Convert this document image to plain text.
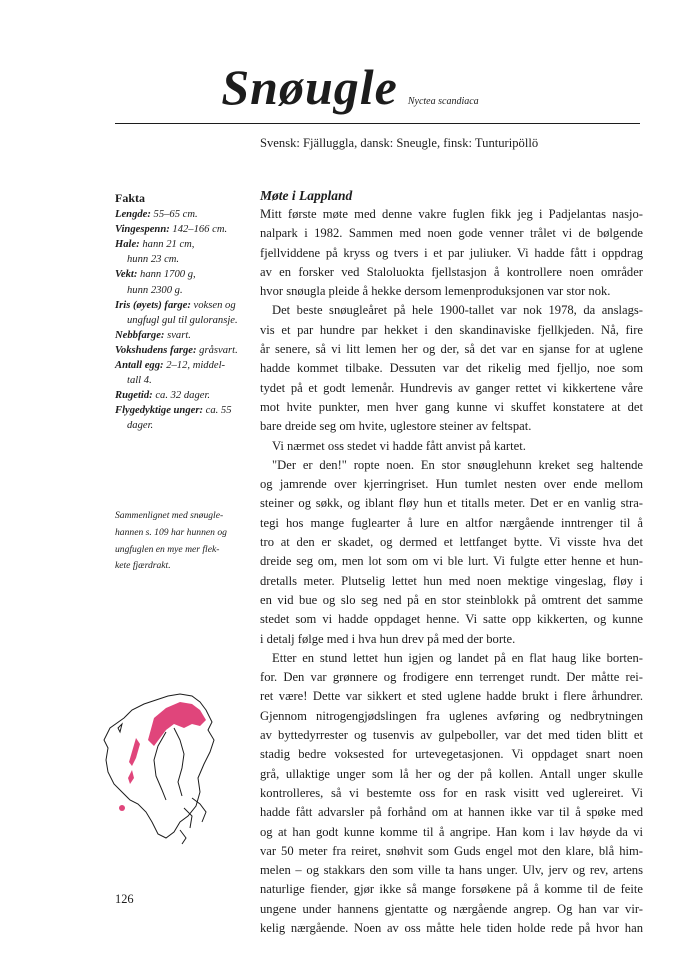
Snøugle Nyctea scandiaca
Svensk: Fjälluggla, dansk: Sneugle, finsk: Tunturipöllö
Fakta
Lengde: 55–65 cm.
Vingespenn: 142–166 cm.
Hale: hann 21 cm,
hunn 23 cm.
Vekt: hann 1700 g,
hunn 2300 g.
Iris (øyets) farge: voksen og
ungfugl gul til guloransje.
Nebbfarge: svart.
Vokshudens farge: gråsvart.
Antall egg: 2–12, middel-
tall 4.
Rugetid: ca. 32 dager.
Flygedyktige unger: ca. 55
dager.
Sammenlignet med snøugle-
hannen s. 109 har hunnen og
ungfuglen en mye mer flek-
kete fjærdrakt.
126
Møte i Lappland
Mitt første møte med denne vakre fuglen fikk jeg i Padjelantas nasjo-
nalpark i 1982. Sammen med noen gode venner trålet vi de bølgende
fjellviddene på kryss og tvers i et par juliuker. Vi hadde fått i oppdrag
av en forsker ved Staloluokta fjellstasjon å kontrollere noen områder
hvor snøugla pleide å hekke dersom lemenproduksjonen var stor nok.
Det beste snøugleåret på hele 1900-tallet var nok 1978, da anslags-
vis et par hundre par hekket i den skandinaviske fjellkjeden. Nå, fire
år senere, så vi litt lemen her og der, så det var en sjanse for at uglene
hadde kommet tilbake. Dessuten var det rikelig med fjelljo, noe som
tydet på et godt lemenår. Hundrevis av ganger rettet vi kikkertene våre
mot hvite punkter, men hver gang kunne vi skuffet konstatere at det
bare dreide seg om hvite, uglestore steiner av feltspat.
Vi nærmet oss stedet vi hadde fått anvist på kartet.
"Der er den!" ropte noen. En stor snøuglehunn kreket seg haltende
og jamrende over kjerringriset. Hun tumlet nesten over ende mellom
steiner og søkk, og iblant fløy hun et titalls meter. Det er en vanlig stra-
tegi hos mange fuglearter å lure en altfor nærgående inntrenger til å
tro at den er skadet, og dermed et lettfanget bytte. Vi visste hva det
dreide seg om, men lot som om vi ble lurt. Vi fulgte etter henne et hun-
dretalls meter. Plutselig lettet hun med noen mektige vingeslag, fløy i
en vid bue og slo seg ned på en stor steinblokk på omtrent det samme
stedet som vi hadde oppdaget henne. Vi satte opp kikkerten, og kunne
i detalj følge med i hva hun drev på med der borte.
Etter en stund lettet hun igjen og landet på en flat haug like borten-
for. Den var grønnere og frodigere enn terrenget rundt. Der måtte rei-
ret være! Dette var sikkert et sted uglene hadde brukt i flere århundrer.
Gjennom nitrogengjødslingen fra uglenes avføring og nedbrytningen
av byttedyrrester og tusenvis av gulpeboller, var det med tiden blitt et
stadig bedre voksested for urtevegetasjonen. Vi oppdaget snart noen
grå, ullaktige unger som lå her og der på kollen. Antall unger skulle
kontrolleres, så vi bestemte oss for en rask visitt ved uglereiret. Vi
hadde fått advarsler på forhånd om at hannen ikke var til å spøke med
og at han godt kunne komme til å angripe. Han kom i lav høyde da vi
var 50 meter fra reiret, snøhvit som Guds engel mot den klare, blå him-
melen – og stakkars den som ville ta hans unger. Ulv, jerv og rev, artens
naturlige fiender, gjør ikke så mange forsøkene på å komme til de feite
ungene under hannens gjentatte og nærgående angrep. Og han var vir-
kelig nærgående. Noen av oss måtte hele tiden holde rede på hvor han
